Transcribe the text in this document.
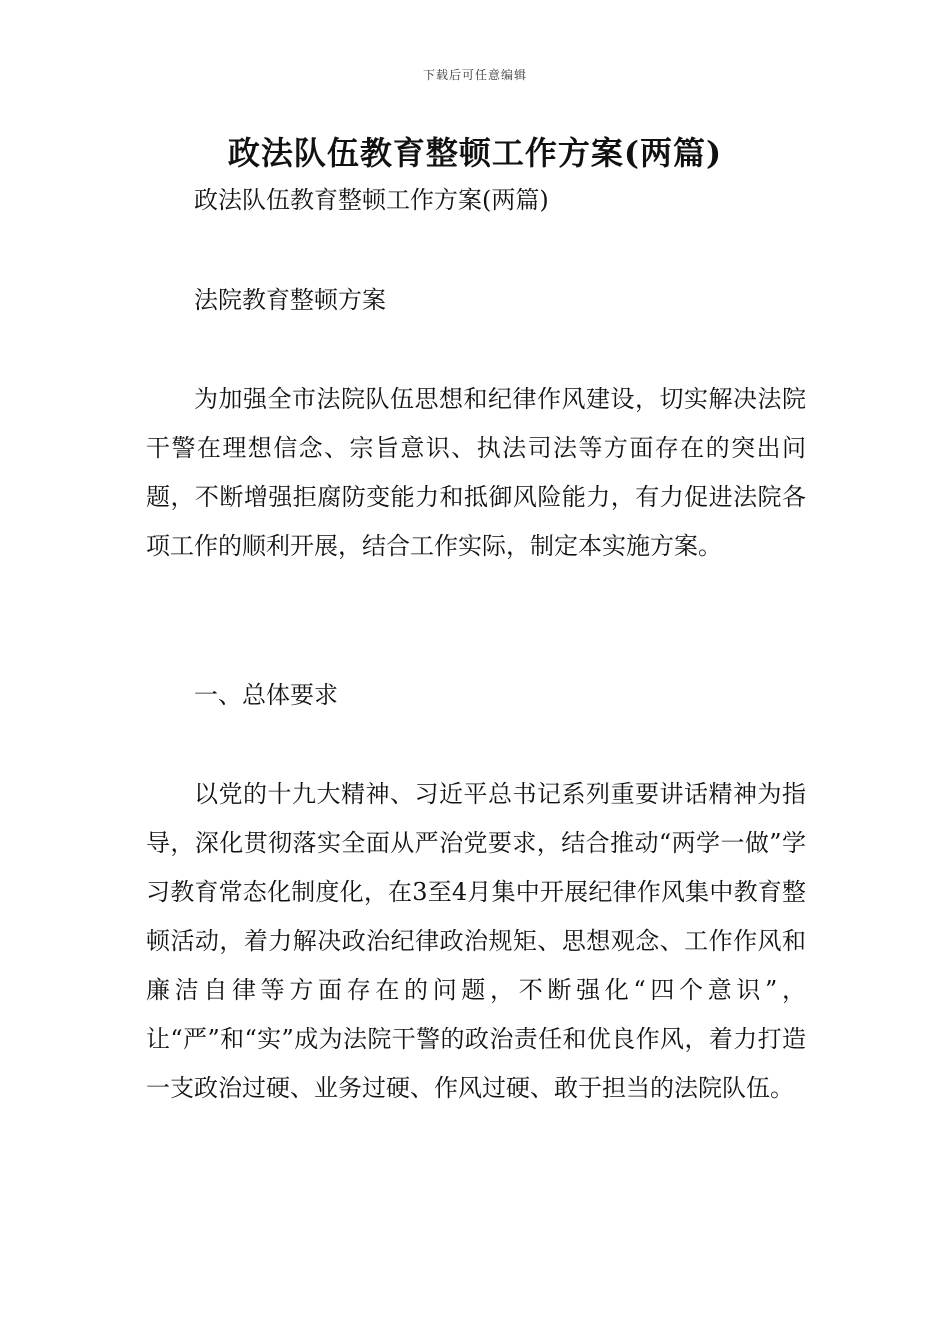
下载后可任意编辑
政法队伍教育整顿工作方案(两篇)

政法队伍教育整顿工作方案(两篇)

法院教育整顿方案

为加强全市法院队伍思想和纪律作风建设，切实解决法院干警在理想信念、宗旨意识、执法司法等方面存在的突出问题，不断增强拒腐防变能力和抵御风险能力，有力促进法院各项工作的顺利开展，结合工作实际，制定本实施方案。

一、总体要求

以党的十九大精神、习近平总书记系列重要讲话精神为指导，深化贯彻落实全面从严治党要求，结合推动“两学一做”学习教育常态化制度化，在3至4月集中开展纪律作风集中教育整顿活动，着力解决政治纪律政治规矩、思想观念、工作作风和廉洁自律等方面存在的问题，不断强化“四个意识”，让“严”和“实”成为法院干警的政治责任和优良作风，着力打造一支政治过硬、业务过硬、作风过硬、敢于担当的法院队伍。
